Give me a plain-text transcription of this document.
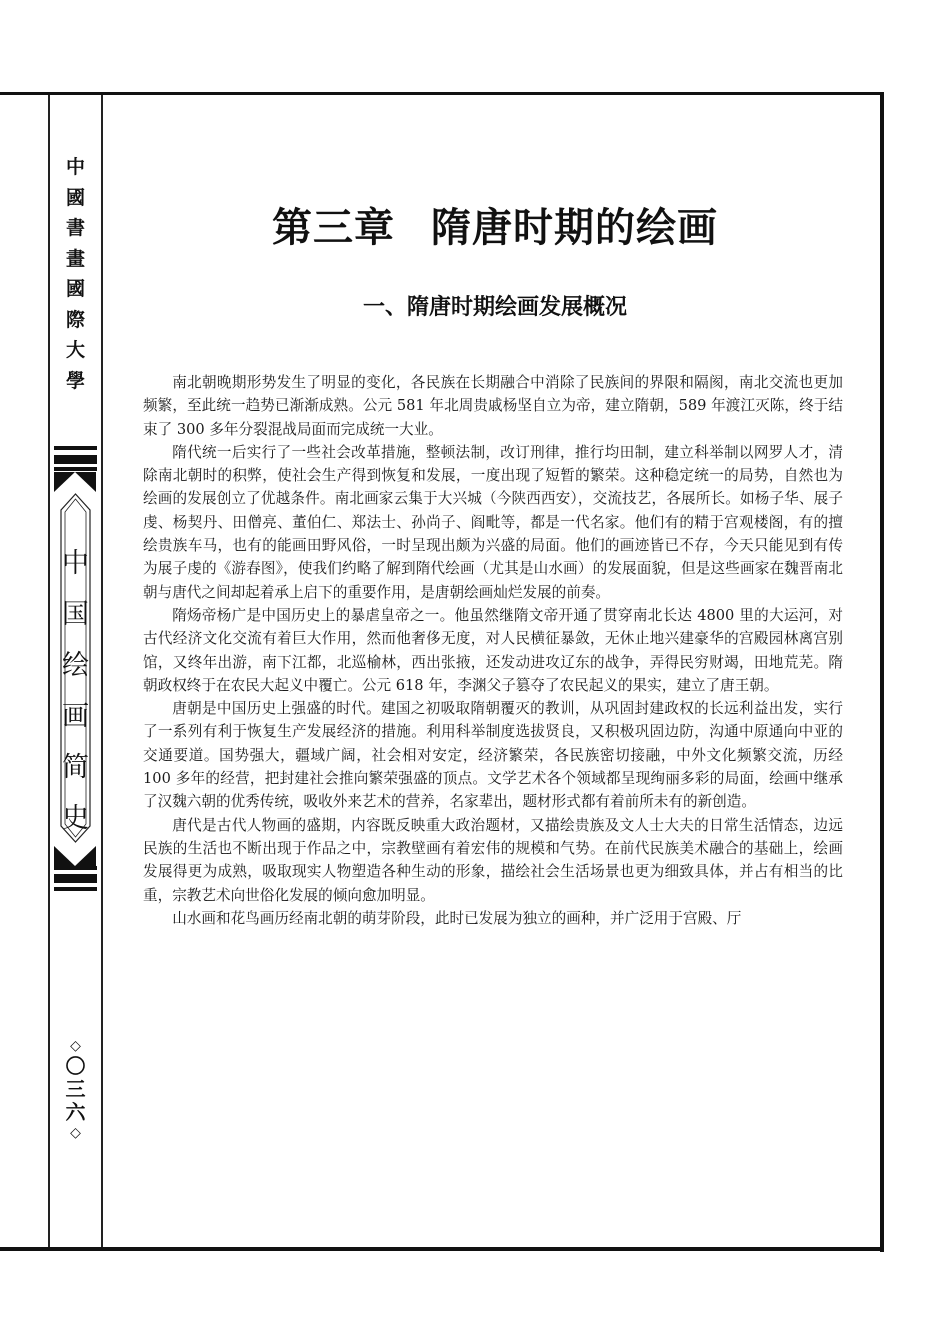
中
國
書
畫
國
際
大
學
中
国
绘
画
简
史
◇
〇
三
六
◇
第三章 隋唐时期的绘画
一、隋唐时期绘画发展概况

南北朝晚期形势发生了明显的变化，各民族在长期融合中消除了民族间的界限和隔阂，南北交流也更加频繁，至此统一趋势已渐渐成熟。公元 581 年北周贵戚杨坚自立为帝，建立隋朝，589 年渡江灭陈，终于结束了 300 多年分裂混战局面而完成统一大业。

隋代统一后实行了一些社会改革措施，整顿法制，改订刑律，推行均田制，建立科举制以网罗人才，清除南北朝时的积弊，使社会生产得到恢复和发展，一度出现了短暂的繁荣。这种稳定统一的局势，自然也为绘画的发展创立了优越条件。南北画家云集于大兴城（今陕西西安），交流技艺，各展所长。如杨子华、展子虔、杨契丹、田僧亮、董伯仁、郑法士、孙尚子、阎毗等，都是一代名家。他们有的精于宫观楼阁，有的擅绘贵族车马，也有的能画田野风俗，一时呈现出颇为兴盛的局面。他们的画迹皆已不存，今天只能见到有传为展子虔的《游春图》，使我们约略了解到隋代绘画（尤其是山水画）的发展面貌，但是这些画家在魏晋南北朝与唐代之间却起着承上启下的重要作用，是唐朝绘画灿烂发展的前奏。

隋炀帝杨广是中国历史上的暴虐皇帝之一。他虽然继隋文帝开通了贯穿南北长达 4800 里的大运河，对古代经济文化交流有着巨大作用，然而他奢侈无度，对人民横征暴敛，无休止地兴建豪华的宫殿园林离宫别馆，又终年出游，南下江都，北巡榆林，西出张掖，还发动进攻辽东的战争，弄得民穷财竭，田地荒芜。隋朝政权终于在农民大起义中覆亡。公元 618 年，李渊父子篡夺了农民起义的果实，建立了唐王朝。

唐朝是中国历史上强盛的时代。建国之初吸取隋朝覆灭的教训，从巩固封建政权的长远利益出发，实行了一系列有利于恢复生产发展经济的措施。利用科举制度选拔贤良，又积极巩固边防，沟通中原通向中亚的交通要道。国势强大，疆域广阔，社会相对安定，经济繁荣，各民族密切接融，中外文化频繁交流，历经 100 多年的经营，把封建社会推向繁荣强盛的顶点。文学艺术各个领域都呈现绚丽多彩的局面，绘画中继承了汉魏六朝的优秀传统，吸收外来艺术的营养，名家辈出，题材形式都有着前所未有的新创造。

唐代是古代人物画的盛期，内容既反映重大政治题材，又描绘贵族及文人士大夫的日常生活情态，边远民族的生活也不断出现于作品之中，宗教壁画有着宏伟的规模和气势。在前代民族美术融合的基础上，绘画发展得更为成熟，吸取现实人物塑造各种生动的形象，描绘社会生活场景也更为细致具体，并占有相当的比重，宗教艺术向世俗化发展的倾向愈加明显。

山水画和花鸟画历经南北朝的萌芽阶段，此时已发展为独立的画种，并广泛用于宫殿、厅
